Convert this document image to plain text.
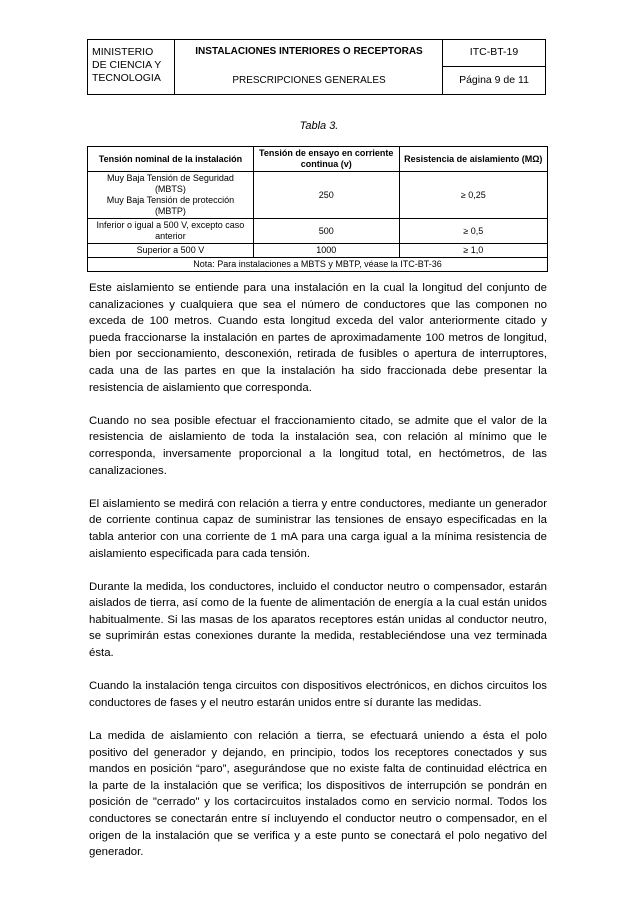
MINISTERIO
DE CIENCIA Y
TECNOLOGIA
INSTALACIONES INTERIORES O RECEPTORAS
PRESCRIPCIONES GENERALES
ITC-BT-19
Página 9 de 11
Tabla 3.
Tensión nominal de la instalación	Tensión de ensayo en corriente continua (v)	Resistencia de aislamiento (MΩ)

Muy Baja Tensión de Seguridad
(MBTS)
Muy Baja Tensión de protección
(MBTP)	250	≥ 0,25

Inferior o igual a 500 V, excepto caso
anterior	500	≥ 0,5
Superior a 500 V	1000	≥ 1,0
Nota: Para instalaciones a MBTS y MBTP, véase la ITC-BT-36		

Este aislamiento se entiende para una instalación en la cual la longitud del conjunto de canalizaciones y cualquiera que sea el número de conductores que las componen no exceda de 100 metros. Cuando esta longitud exceda del valor anteriormente citado y pueda fraccionarse la instalación en partes de aproximadamente 100 metros de longitud, bien por seccionamiento, desconexión, retirada de fusibles o apertura de interruptores, cada una de las partes en que la instalación ha sido fraccionada debe presentar la resistencia de aislamiento que corresponda.

Cuando no sea posible efectuar el fraccionamiento citado, se admite que el valor de la resistencia de aislamiento de toda la instalación sea, con relación al mínimo que le corresponda, inversamente proporcional a la longitud total, en hectómetros, de las canalizaciones.

El aislamiento se medirá con relación a tierra y entre conductores, mediante un generador de corriente continua capaz de suministrar las tensiones de ensayo especificadas en la tabla anterior con una corriente de 1 mA para una carga igual a la mínima resistencia de aislamiento especificada para cada tensión.

Durante la medida, los conductores, incluido el conductor neutro o compensador, estarán aislados de tierra, así como de la fuente de alimentación de energía a la cual están unidos habitualmente. Si las masas de los aparatos receptores están unidas al conductor neutro, se suprimirán estas conexiones durante la medida, restableciéndose una vez terminada ésta.

Cuando la instalación tenga circuitos con dispositivos electrónicos, en dichos circuitos los conductores de fases y el neutro estarán unidos entre sí durante las medidas.

La medida de aislamiento con relación a tierra, se efectuará uniendo a ésta el polo positivo del generador y dejando, en principio, todos los receptores conectados y sus mandos en posición “paro”, asegurándose que no existe falta de continuidad eléctrica en la parte de la instalación que se verifica; los dispositivos de interrupción se pondrán en posición de "cerrado" y los cortacircuitos instalados como en servicio normal. Todos los conductores se conectarán entre sí incluyendo el conductor neutro o compensador, en el origen de la instalación que se verifica y a este punto se conectará el polo negativo del generador.
